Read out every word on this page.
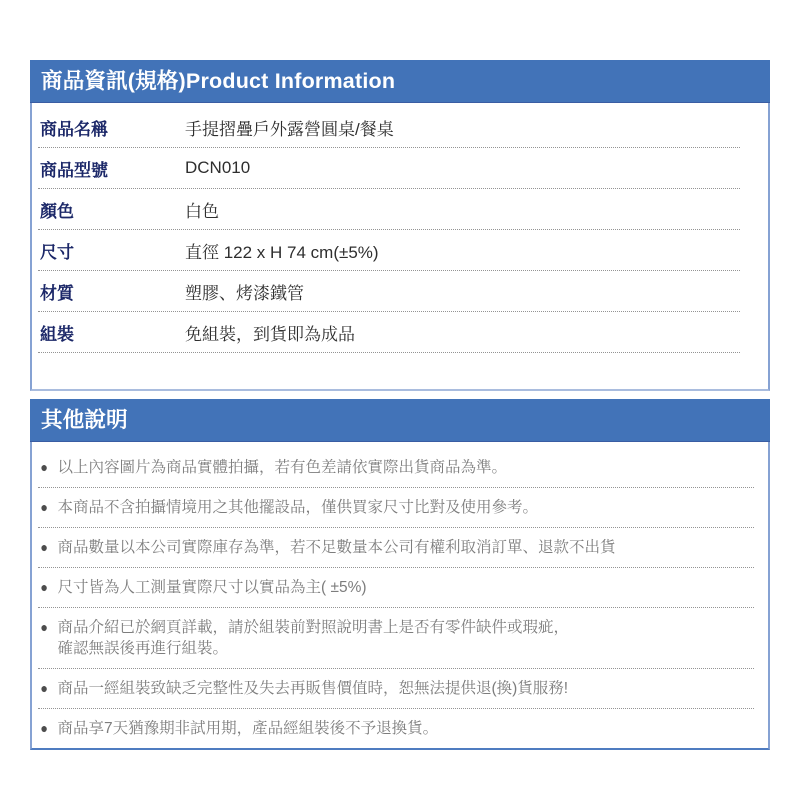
商品資訊(規格)Product Information
商品名稱	手提摺疊戶外露營圓桌/餐桌
商品型號	DCN010
顏色	白色
尺寸	直徑 122 x H 74 cm(±5%)
材質	塑膠、烤漆鐵管
組裝	免組裝，到貨即為成品
其他說明
● 以上內容圖片為商品實體拍攝，若有色差請依實際出貨商品為準。
● 本商品不含拍攝情境用之其他擺設品，僅供買家尺寸比對及使用參考。
● 商品數量以本公司實際庫存為準，若不足數量本公司有權利取消訂單、退款不出貨
● 尺寸皆為人工測量實際尺寸以實品為主( ±5%)
● 商品介紹已於網頁詳載，請於組裝前對照說明書上是否有零件缺件或瑕疵，
確認無誤後再進行組裝。
● 商品一經組裝致缺乏完整性及失去再販售價值時，恕無法提供退(換)貨服務!
● 商品享7天猶豫期非試用期，產品經組裝後不予退換貨。
